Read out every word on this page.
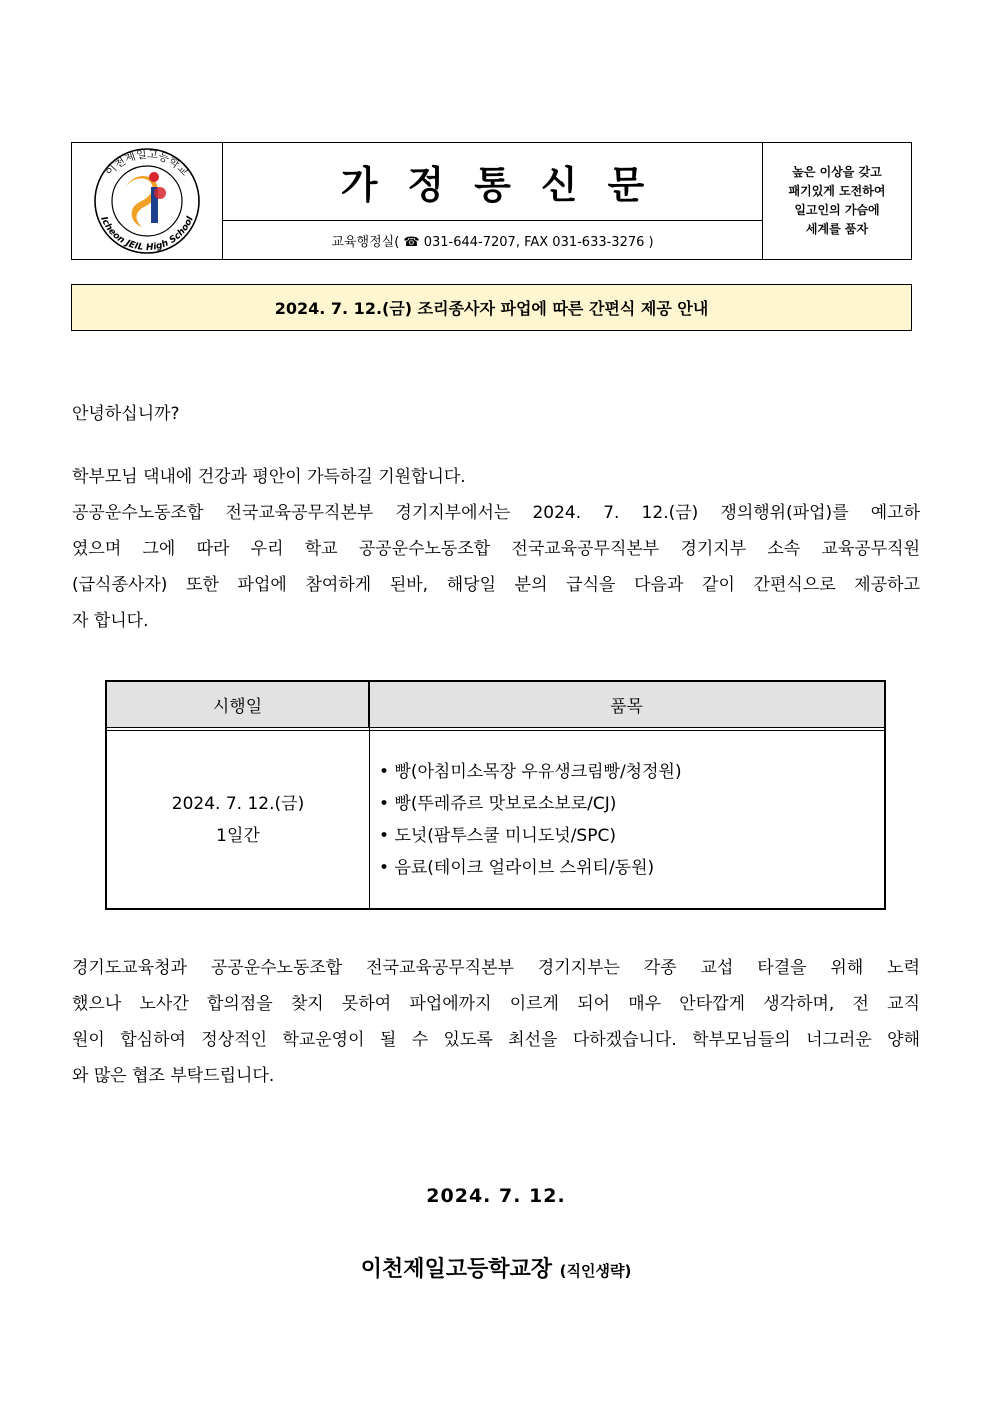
이천제일고등학교
Icheon JEIL High School
가정통신문
교육행정실( ☎ 031-644-7207, FAX 031-633-3276 )
높은 이상을 갖고
패기있게 도전하여
일고인의 가슴에
세계를 품자
2024. 7. 12.(금) 조리종사자 파업에 따른 간편식 제공 안내
안녕하십니까?
학부모님 댁내에 건강과 평안이 가득하길 기원합니다.
공공운수노동조합 전국교육공무직본부 경기지부에서는 2024. 7. 12.(금) 쟁의행위(파업)를 예고하
였으며 그에 따라 우리 학교 공공운수노동조합 전국교육공무직본부 경기지부 소속 교육공무직원
(급식종사자) 또한 파업에 참여하게 된바, 해당일 분의 급식을 다음과 같이 간편식으로 제공하고
자 합니다.
시행일	품목
2024. 7. 12.(금)
1일간
• 빵(아침미소목장 우유생크림빵/청정원)
• 빵(뚜레쥬르 맛보로소보로/CJ)
• 도넛(팜투스쿨 미니도넛/SPC)
• 음료(테이크 얼라이브 스위티/동원)
경기도교육청과 공공운수노동조합 전국교육공무직본부 경기지부는 각종 교섭 타결을 위해 노력
했으나 노사간 합의점을 찾지 못하여 파업에까지 이르게 되어 매우 안타깝게 생각하며, 전 교직
원이 합심하여 정상적인 학교운영이 될 수 있도록 최선을 다하겠습니다. 학부모님들의 너그러운 양해
와 많은 협조 부탁드립니다.
2024. 7. 12.
이천제일고등학교장 (직인생략)
